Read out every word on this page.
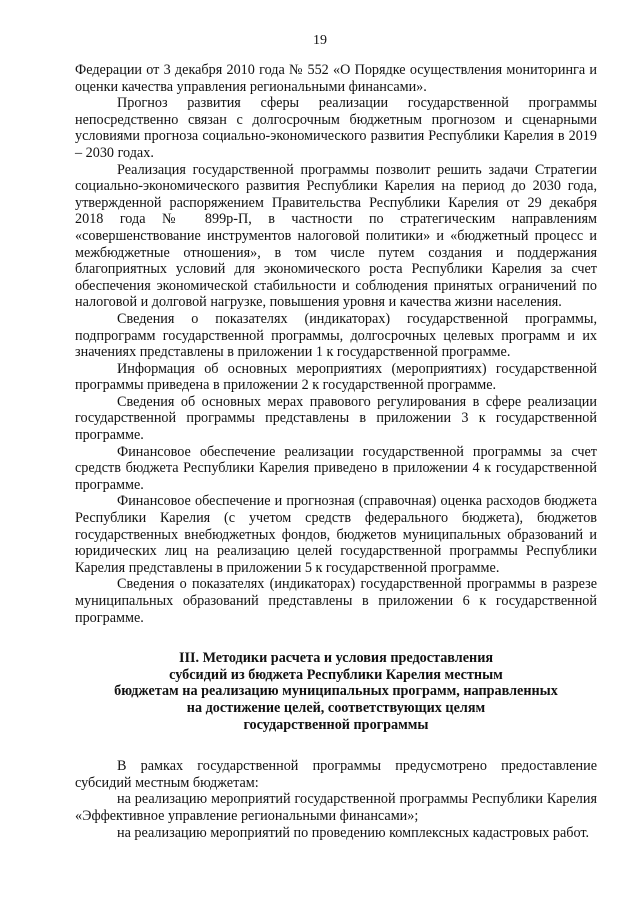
19

Федерации от 3 декабря 2010 года № 552 «О Порядке осуществления мониторинга и оценки качества управления региональными финансами».

Прогноз развития сферы реализации государственной программы непосредственно связан с долгосрочным бюджетным прогнозом и сценарными условиями прогноза социально-экономического развития Республики Карелия в 2019 – 2030 годах.

Реализация государственной программы позволит решить задачи Стратегии социально-экономического развития Республики Карелия на период до 2030 года, утвержденной распоряжением Правительства Республики Карелия от 29 декабря 2018 года № 899р-П, в частности по стратегическим направлениям «совершенствование инструментов налоговой политики» и «бюджетный процесс и межбюджетные отношения», в том числе путем создания и поддержания благоприятных условий для экономического роста Республики Карелия за счет обеспечения экономической стабильности и соблюдения принятых ограничений по налоговой и долговой нагрузке, повышения уровня и качества жизни населения.

Сведения о показателях (индикаторах) государственной программы, подпрограмм государственной программы, долгосрочных целевых программ и их значениях представлены в приложении 1 к государственной программе.

Информация об основных мероприятиях (мероприятиях) государственной программы приведена в приложении 2 к государственной программе.

Сведения об основных мерах правового регулирования в сфере реализации государственной программы представлены в приложении 3 к государственной программе.

Финансовое обеспечение реализации государственной программы за счет средств бюджета Республики Карелия приведено в приложении 4 к государственной программе.

Финансовое обеспечение и прогнозная (справочная) оценка расходов бюджета Республики Карелия (с учетом средств федерального бюджета), бюджетов государственных внебюджетных фондов, бюджетов муниципальных образований и юридических лиц на реализацию целей государственной программы Республики Карелия представлены в приложении 5 к государственной программе.

Сведения о показателях (индикаторах) государственной программы в разрезе муниципальных образований представлены в приложении 6 к государственной программе.

III. Методики расчета и условия предоставления
субсидий из бюджета Республики Карелия местным
бюджетам на реализацию муниципальных программ, направленных
на достижение целей, соответствующих целям
государственной программы

В рамках государственной программы предусмотрено предоставление субсидий местным бюджетам:

на реализацию мероприятий государственной программы Республики Карелия «Эффективное управление региональными финансами»;

на реализацию мероприятий по проведению комплексных кадастровых работ.
